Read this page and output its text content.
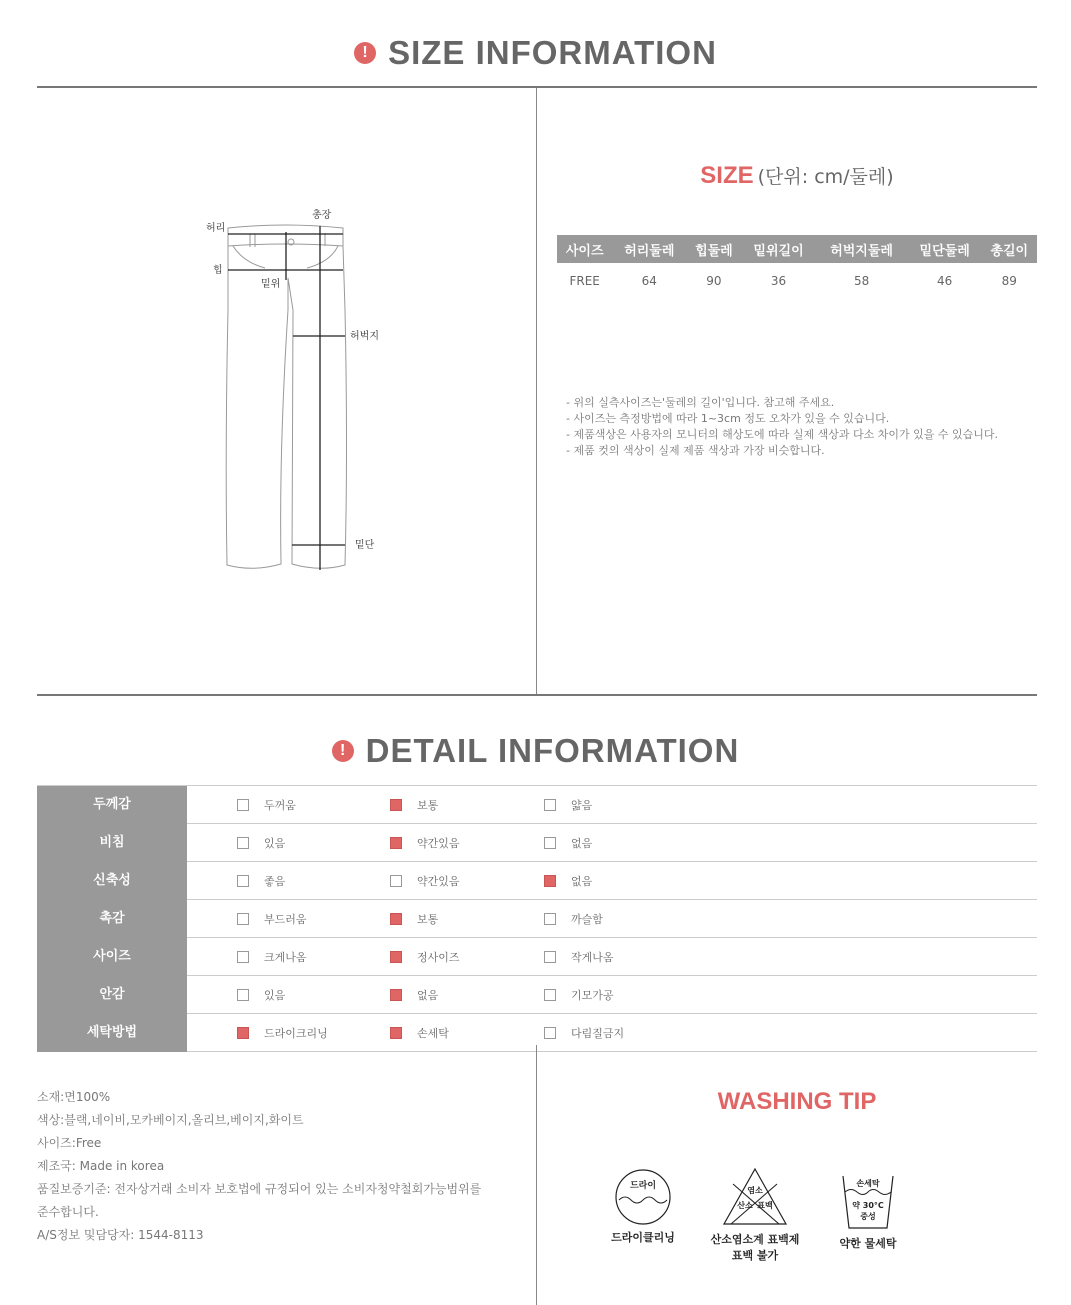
! SIZE INFORMATION
허리
총장
힙
밑위
허벅지
밑단
SIZE (단위: cm/둘레)
사이즈	허리둘레	힙둘레	밑위길이	허벅지둘레	밑단둘레	총길이
FREE	64	90	36	58	46	89
- 위의 실측사이즈는'둘레의 길이'입니다. 참고해 주세요.
- 사이즈는 측정방법에 따라 1~3cm 정도 오차가 있을 수 있습니다.
- 제품색상은 사용자의 모니터의 해상도에 따라 실제 색상과 다소 차이가 있을 수 있습니다.
- 제품 컷의 색상이 실제 제품 색상과 가장 비슷합니다.
! DETAIL INFORMATION
두께감	두꺼움	보통	얇음
비침	있음	약간있음	없음
신축성	좋음	약간있음	없음
촉감	부드러움	보통	까슬함
사이즈	크게나옴	정사이즈	작게나옴
안감	있음	없음	기모가공
세탁방법	드라이크리닝	손세탁	다림질금지
소재:면100%
색상:블랙,네이비,모카베이지,올리브,베이지,화이트
사이즈:Free
제조국: Made in korea
품질보증기준: 전자상거래 소비자 보호법에 규정되어 있는 소비자청약철회가능범위를
준수합니다.
A/S정보 및담당자: 1544-8113
WASHING TIP
드라이
드라이클리닝
염소
산소 표백
산소염소계 표백제
표백 불가
손세탁
약 30°C
중성
약한 물세탁
